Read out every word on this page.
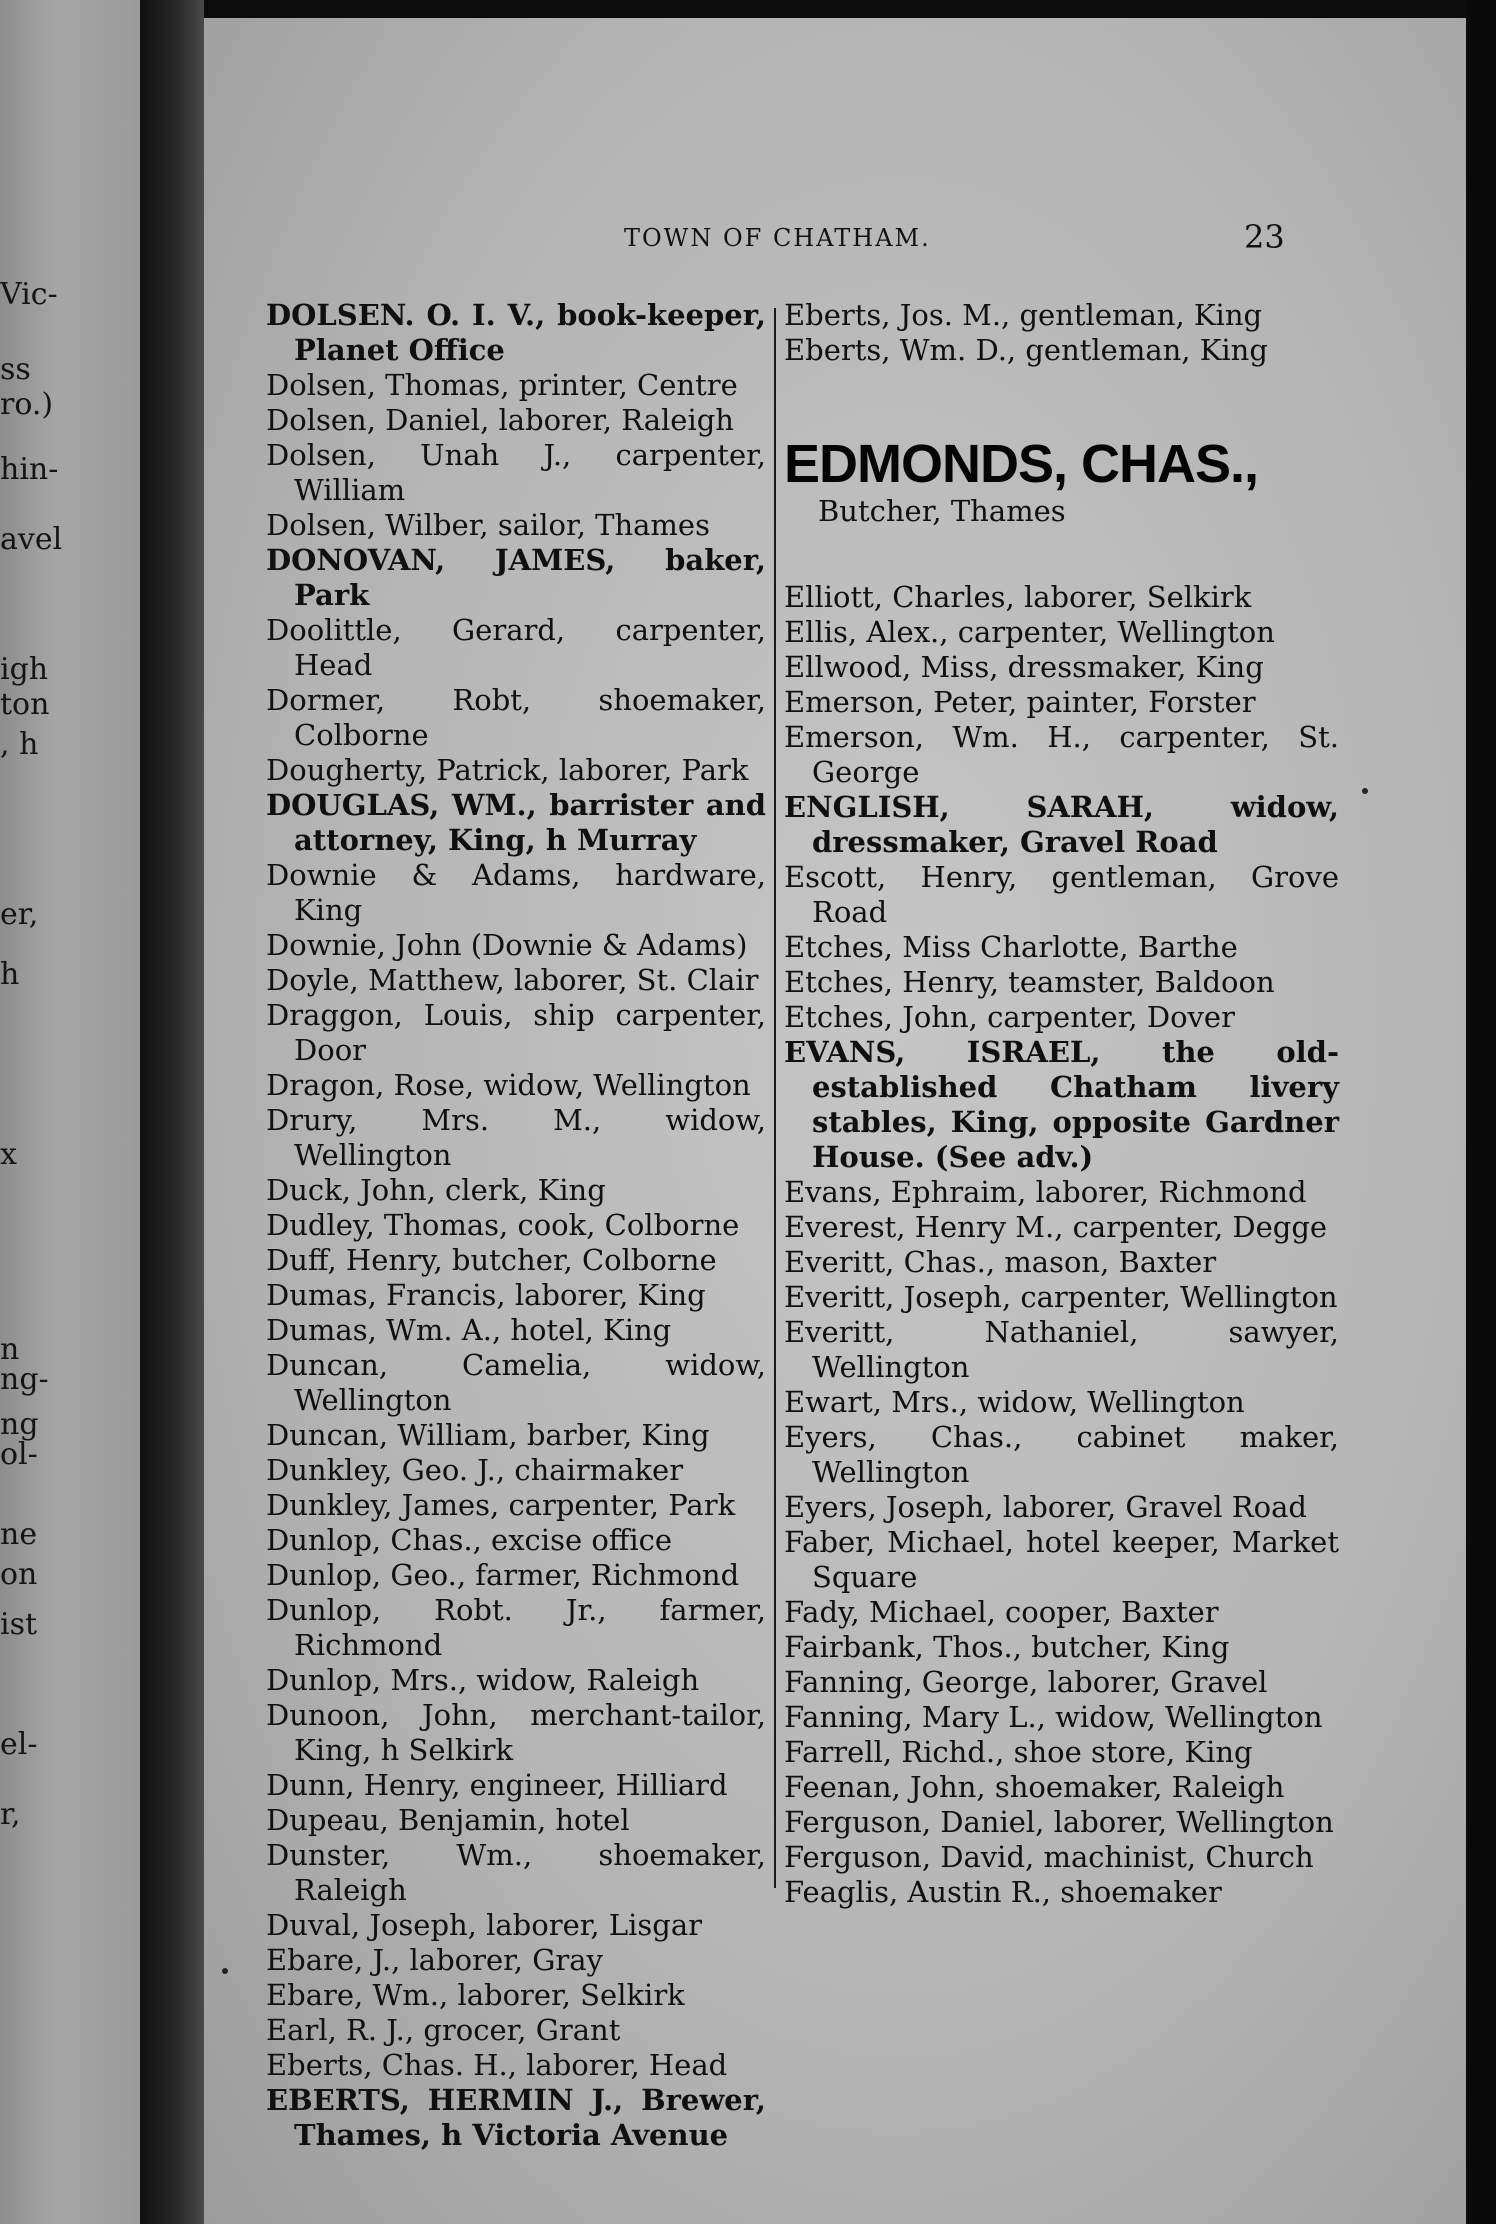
Vic-
ss
ro.)
hin-
avel
igh
ton
, h
er,
h
x
n
ng-
ng
ol-
ne
on
ist
el-
r,
TOWN OF CHATHAM.	23

DOLSEN. O. I. V., book-keeper, Planet Office

Dolsen, Thomas, printer, Centre

Dolsen, Daniel, laborer, Raleigh

Dolsen, Unah J., carpenter, William

Dolsen, Wilber, sailor, Thames

DONOVAN, JAMES, baker, Park

Doolittle, Gerard, carpenter, Head

Dormer, Robt, shoemaker, Colborne

Dougherty, Patrick, laborer, Park

DOUGLAS, WM., barrister and attorney, King, h Murray

Downie & Adams, hardware, King

Downie, John (Downie & Adams)

Doyle, Matthew, laborer, St. Clair

Draggon, Louis, ship carpenter, Door

Dragon, Rose, widow, Wellington

Drury, Mrs. M., widow, Wellington

Duck, John, clerk, King

Dudley, Thomas, cook, Colborne

Duff, Henry, butcher, Colborne

Dumas, Francis, laborer, King

Dumas, Wm. A., hotel, King

Duncan, Camelia, widow, Wellington

Duncan, William, barber, King

Dunkley, Geo. J., chairmaker

Dunkley, James, carpenter, Park

Dunlop, Chas., excise office

Dunlop, Geo., farmer, Richmond

Dunlop, Robt. Jr., farmer, Richmond

Dunlop, Mrs., widow, Raleigh

Dunoon, John, merchant-tailor, King, h Selkirk

Dunn, Henry, engineer, Hilliard

Dupeau, Benjamin, hotel

Dunster, Wm., shoemaker, Raleigh

Duval, Joseph, laborer, Lisgar

Ebare, J., laborer, Gray

Ebare, Wm., laborer, Selkirk

Earl, R. J., grocer, Grant

Eberts, Chas. H., laborer, Head

EBERTS, HERMIN J., Brewer, Thames, h Victoria Avenue

Eberts, Jos. M., gentleman, King

Eberts, Wm. D., gentleman, King

EDMONDS, CHAS.,

Butcher, Thames

Elliott, Charles, laborer, Selkirk

Ellis, Alex., carpenter, Wellington

Ellwood, Miss, dressmaker, King

Emerson, Peter, painter, Forster

Emerson, Wm. H., carpenter, St. George

ENGLISH, SARAH, widow, dressmaker, Gravel Road

Escott, Henry, gentleman, Grove Road

Etches, Miss Charlotte, Barthe

Etches, Henry, teamster, Baldoon

Etches, John, carpenter, Dover

EVANS, ISRAEL, the old-established Chatham livery stables, King, opposite Gardner House. (See adv.)

Evans, Ephraim, laborer, Richmond

Everest, Henry M., carpenter, Degge

Everitt, Chas., mason, Baxter

Everitt, Joseph, carpenter, Wellington

Everitt, Nathaniel, sawyer, Wellington

Ewart, Mrs., widow, Wellington

Eyers, Chas., cabinet maker, Wellington

Eyers, Joseph, laborer, Gravel Road

Faber, Michael, hotel keeper, Market Square

Fady, Michael, cooper, Baxter

Fairbank, Thos., butcher, King

Fanning, George, laborer, Gravel

Fanning, Mary L., widow, Wellington

Farrell, Richd., shoe store, King

Feenan, John, shoemaker, Raleigh

Ferguson, Daniel, laborer, Wellington

Ferguson, David, machinist, Church

Feaglis, Austin R., shoemaker
